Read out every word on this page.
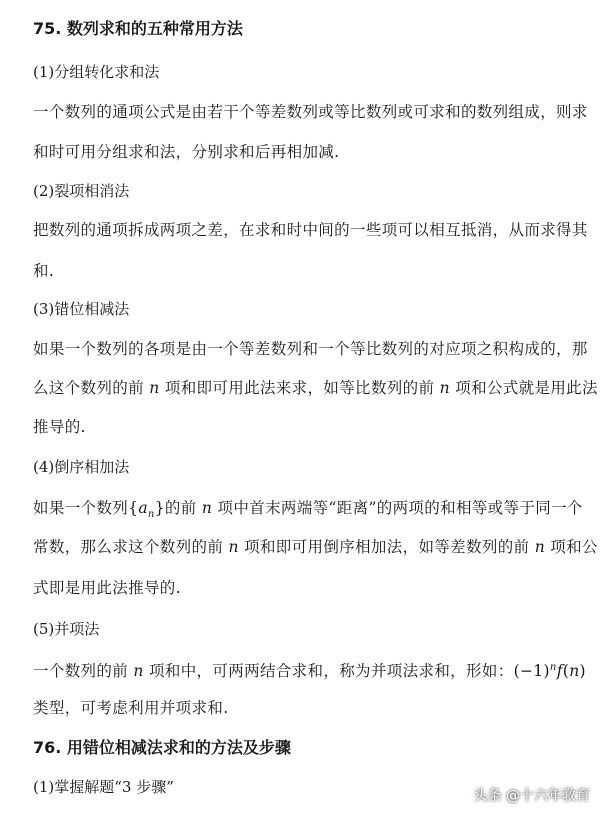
75. 数列求和的五种常用方法
(1)分组转化求和法
一个数列的通项公式是由若干个等差数列或等比数列或可求和的数列组成，则求
和时可用分组求和法，分别求和后再相加减.
(2)裂项相消法
把数列的通项拆成两项之差，在求和时中间的一些项可以相互抵消，从而求得其
和.
(3)错位相减法
如果一个数列的各项是由一个等差数列和一个等比数列的对应项之积构成的，那
么这个数列的前 n 项和即可用此法来求，如等比数列的前 n 项和公式就是用此法
推导的.
(4)倒序相加法
如果一个数列$\{a_n\}$的前 n 项中首末两端等“距离”的两项的和相等或等于同一个
常数，那么求这个数列的前 n 项和即可用倒序相加法，如等差数列的前 n 项和公
式即是用此法推导的.
(5)并项法
一个数列的前 n 项和中，可两两结合求和，称为并项法求和，形如：$(-1)^nf(n)$
类型，可考虑利用并项求和.
76. 用错位相减法求和的方法及步骤
(1)掌握解题“3 步骤”	头条 @十六年教育
